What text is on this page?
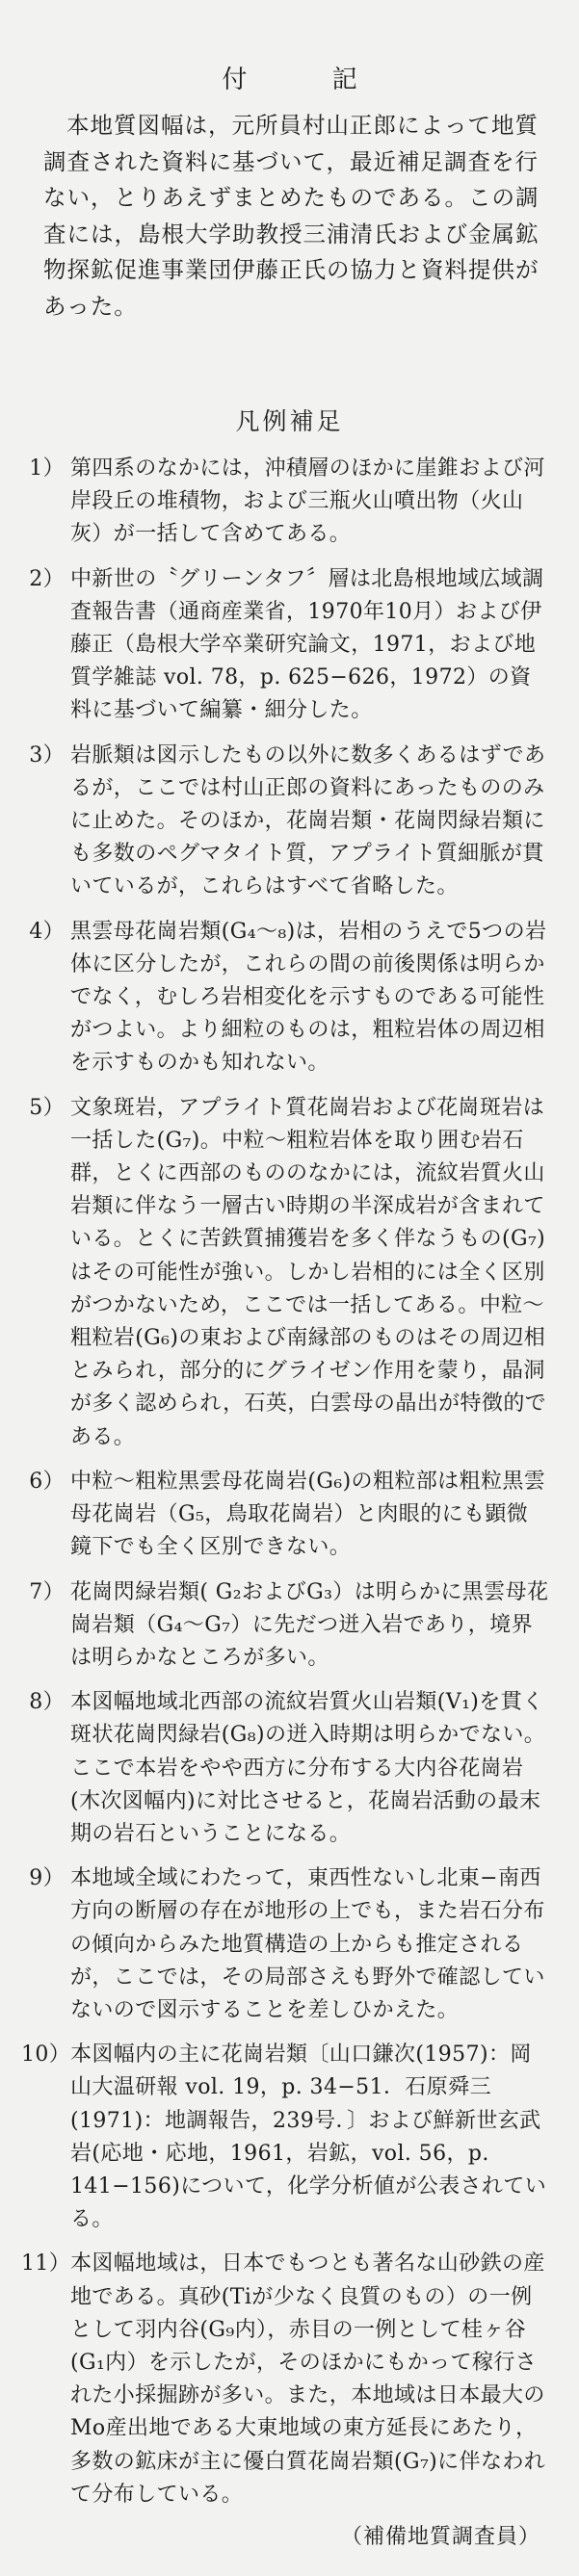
付 記

本地質図幅は，元所員村山正郎によって地質調査された資料に基づいて，最近補足調査を行ない，とりあえずまとめたものである。この調査には，島根大学助教授三浦清氏および金属鉱物探鉱促進事業団伊藤正氏の協力と資料提供があった。

凡例補足
1） 第四系のなかには，沖積層のほかに崖錐および河岸段丘の堆積物，および三瓶火山噴出物（火山灰）が一括して含めてある。
2） 中新世の〝グリーンタフ〞層は北島根地域広域調査報告書（通商産業省，1970年10月）および伊藤正（島根大学卒業研究論文，1971，および地質学雑誌 vol. 78，p. 625−626，1972）の資料に基づいて編纂・細分した。
3） 岩脈類は図示したもの以外に数多くあるはずであるが，ここでは村山正郎の資料にあったもののみに止めた。そのほか，花崗岩類・花崗閃緑岩類にも多数のペグマタイト質，アプライト質細脈が貫いているが，これらはすべて省略した。
4） 黒雲母花崗岩類(G₄〜₈)は，岩相のうえで5つの岩体に区分したが，これらの間の前後関係は明らかでなく，むしろ岩相変化を示すものである可能性がつよい。より細粒のものは，粗粒岩体の周辺相を示すものかも知れない。
5） 文象斑岩，アプライト質花崗岩および花崗斑岩は一括した(G₇)。中粒〜粗粒岩体を取り囲む岩石群，とくに西部のもののなかには，流紋岩質火山岩類に伴なう一層古い時期の半深成岩が含まれている。とくに苦鉄質捕獲岩を多く伴なうもの(G₇)はその可能性が強い。しかし岩相的には全く区別がつかないため，ここでは一括してある。中粒〜粗粒岩(G₆)の東および南縁部のものはその周辺相とみられ，部分的にグライゼン作用を蒙り，晶洞が多く認められ，石英，白雲母の晶出が特徴的である。
6） 中粒〜粗粒黒雲母花崗岩(G₆)の粗粒部は粗粒黒雲母花崗岩（G₅，鳥取花崗岩）と肉眼的にも顕微鏡下でも全く区別できない。
7） 花崗閃緑岩類( G₂およびG₃）は明らかに黒雲母花崗岩類（G₄〜G₇）に先だつ迸入岩であり，境界は明らかなところが多い。
8） 本図幅地域北西部の流紋岩質火山岩類(V₁)を貫く斑状花崗閃緑岩(G₈)の迸入時期は明らかでない。ここで本岩をやや西方に分布する大内谷花崗岩(木次図幅内)に対比させると，花崗岩活動の最末期の岩石ということになる。
9） 本地域全域にわたって，東西性ないし北東−南西方向の断層の存在が地形の上でも，また岩石分布の傾向からみた地質構造の上からも推定されるが，ここでは，その局部さえも野外で確認していないので図示することを差しひかえた。
10） 本図幅内の主に花崗岩類〔山口鎌次(1957)：岡山大温研報 vol. 19，p. 34−51．石原舜三(1971)：地調報告，239号．〕および鮮新世玄武岩(応地・応地，1961，岩鉱，vol. 56，p. 141−156)について，化学分析値が公表されている。
11） 本図幅地域は，日本でもつとも著名な山砂鉄の産地である。真砂(Tiが少なく良質のもの）の一例として羽内谷(G₉内），赤目の一例として桂ヶ谷(G₁内）を示したが，そのほかにもかって稼行された小採掘跡が多い。また，本地域は日本最大のMo産出地である大東地域の東方延長にあたり，多数の鉱床が主に優白質花崗岩類(G₇)に伴なわれて分布している。
（補備地質調査員）
